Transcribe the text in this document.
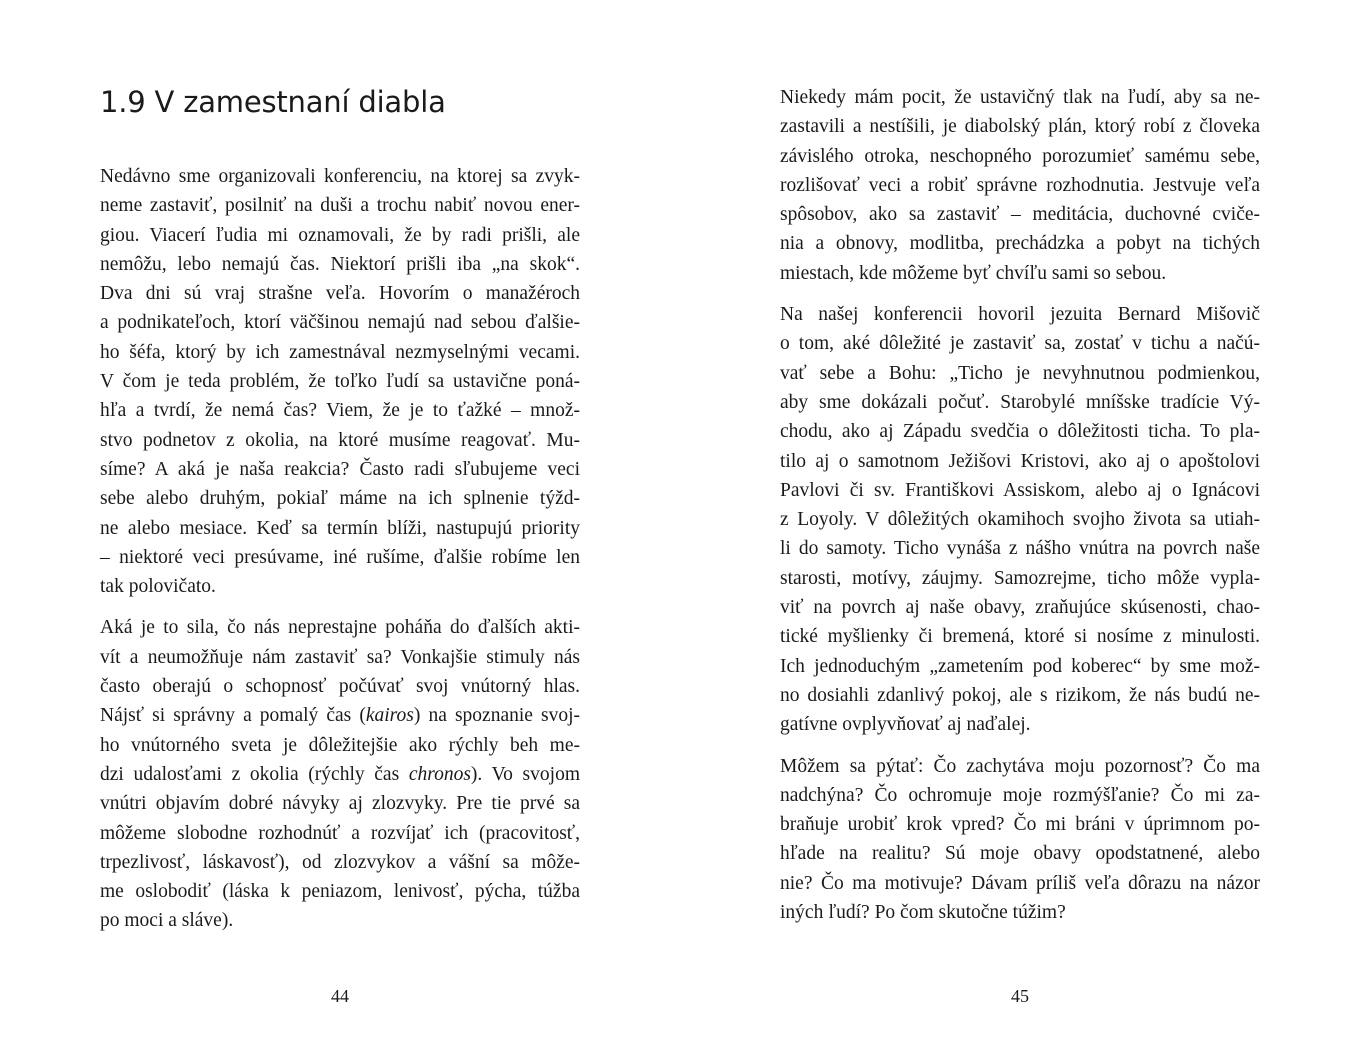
1.9 V zamestnaní diabla

Nedávno sme organizovali konferenciu, na ktorej sa zvyk-
neme zastaviť, posilniť na duši a trochu nabiť novou ener-
giou. Viacerí ľudia mi oznamovali, že by radi prišli, ale
nemôžu, lebo nemajú čas. Niektorí prišli iba „na skok“.
Dva dni sú vraj strašne veľa. Hovorím o manažéroch
a podnikateľoch, ktorí väčšinou nemajú nad sebou ďalšie-
ho šéfa, ktorý by ich zamestnával nezmyselnými vecami.
V čom je teda problém, že toľko ľudí sa ustavične poná-
hľa a tvrdí, že nemá čas? Viem, že je to ťažké – množ-
stvo podnetov z okolia, na ktoré musíme reagovať. Mu-
síme? A aká je naša reakcia? Často radi sľubujeme veci
sebe alebo druhým, pokiaľ máme na ich splnenie týžd-
ne alebo mesiace. Keď sa termín blíži, nastupujú priority
– niektoré veci presúvame, iné rušíme, ďalšie robíme len
tak polovičato.

Aká je to sila, čo nás neprestajne poháňa do ďalších akti-
vít a neumožňuje nám zastaviť sa? Vonkajšie stimuly nás
často oberajú o schopnosť počúvať svoj vnútorný hlas.
Nájsť si správny a pomalý čas (kairos) na spoznanie svoj-
ho vnútorného sveta je dôležitejšie ako rýchly beh me-
dzi udalosťami z okolia (rýchly čas chronos). Vo svojom
vnútri objavím dobré návyky aj zlozvyky. Pre tie prvé sa
môžeme slobodne rozhodnúť a rozvíjať ich (pracovitosť,
trpezlivosť, láskavosť), od zlozvykov a vášní sa môže-
me oslobodiť (láska k peniazom, lenivosť, pýcha, túžba
po moci a sláve).

44

Niekedy mám pocit, že ustavičný tlak na ľudí, aby sa ne-
zastavili a nestíšili, je diabolský plán, ktorý robí z človeka
závislého otroka, neschopného porozumieť samému sebe,
rozlišovať veci a robiť správne rozhodnutia. Jestvuje veľa
spôsobov, ako sa zastaviť – meditácia, duchovné cviče-
nia a obnovy, modlitba, prechádzka a pobyt na tichých
miestach, kde môžeme byť chvíľu sami so sebou.

Na našej konferencii hovoril jezuita Bernard Mišovič
o tom, aké dôležité je zastaviť sa, zostať v tichu a načú-
vať sebe a Bohu: „Ticho je nevyhnutnou podmienkou,
aby sme dokázali počuť. Starobylé mníšske tradície Vý-
chodu, ako aj Západu svedčia o dôležitosti ticha. To pla-
tilo aj o samotnom Ježišovi Kristovi, ako aj o apoštolovi
Pavlovi či sv. Františkovi Assiskom, alebo aj o Ignácovi
z Loyoly. V dôležitých okamihoch svojho života sa utiah-
li do samoty. Ticho vynáša z nášho vnútra na povrch naše
starosti, motívy, záujmy. Samozrejme, ticho môže vypla-
viť na povrch aj naše obavy, zraňujúce skúsenosti, chao-
tické myšlienky či bremená, ktoré si nosíme z minulosti.
Ich jednoduchým „zametením pod koberec“ by sme mož-
no dosiahli zdanlivý pokoj, ale s rizikom, že nás budú ne-
gatívne ovplyvňovať aj naďalej.

Môžem sa pýtať: Čo zachytáva moju pozornosť? Čo ma
nadchýna? Čo ochromuje moje rozmýšľanie? Čo mi za-
braňuje urobiť krok vpred? Čo mi bráni v úprimnom po-
hľade na realitu? Sú moje obavy opodstatnené, alebo
nie? Čo ma motivuje? Dávam príliš veľa dôrazu na názor
iných ľudí? Po čom skutočne túžim?

45
